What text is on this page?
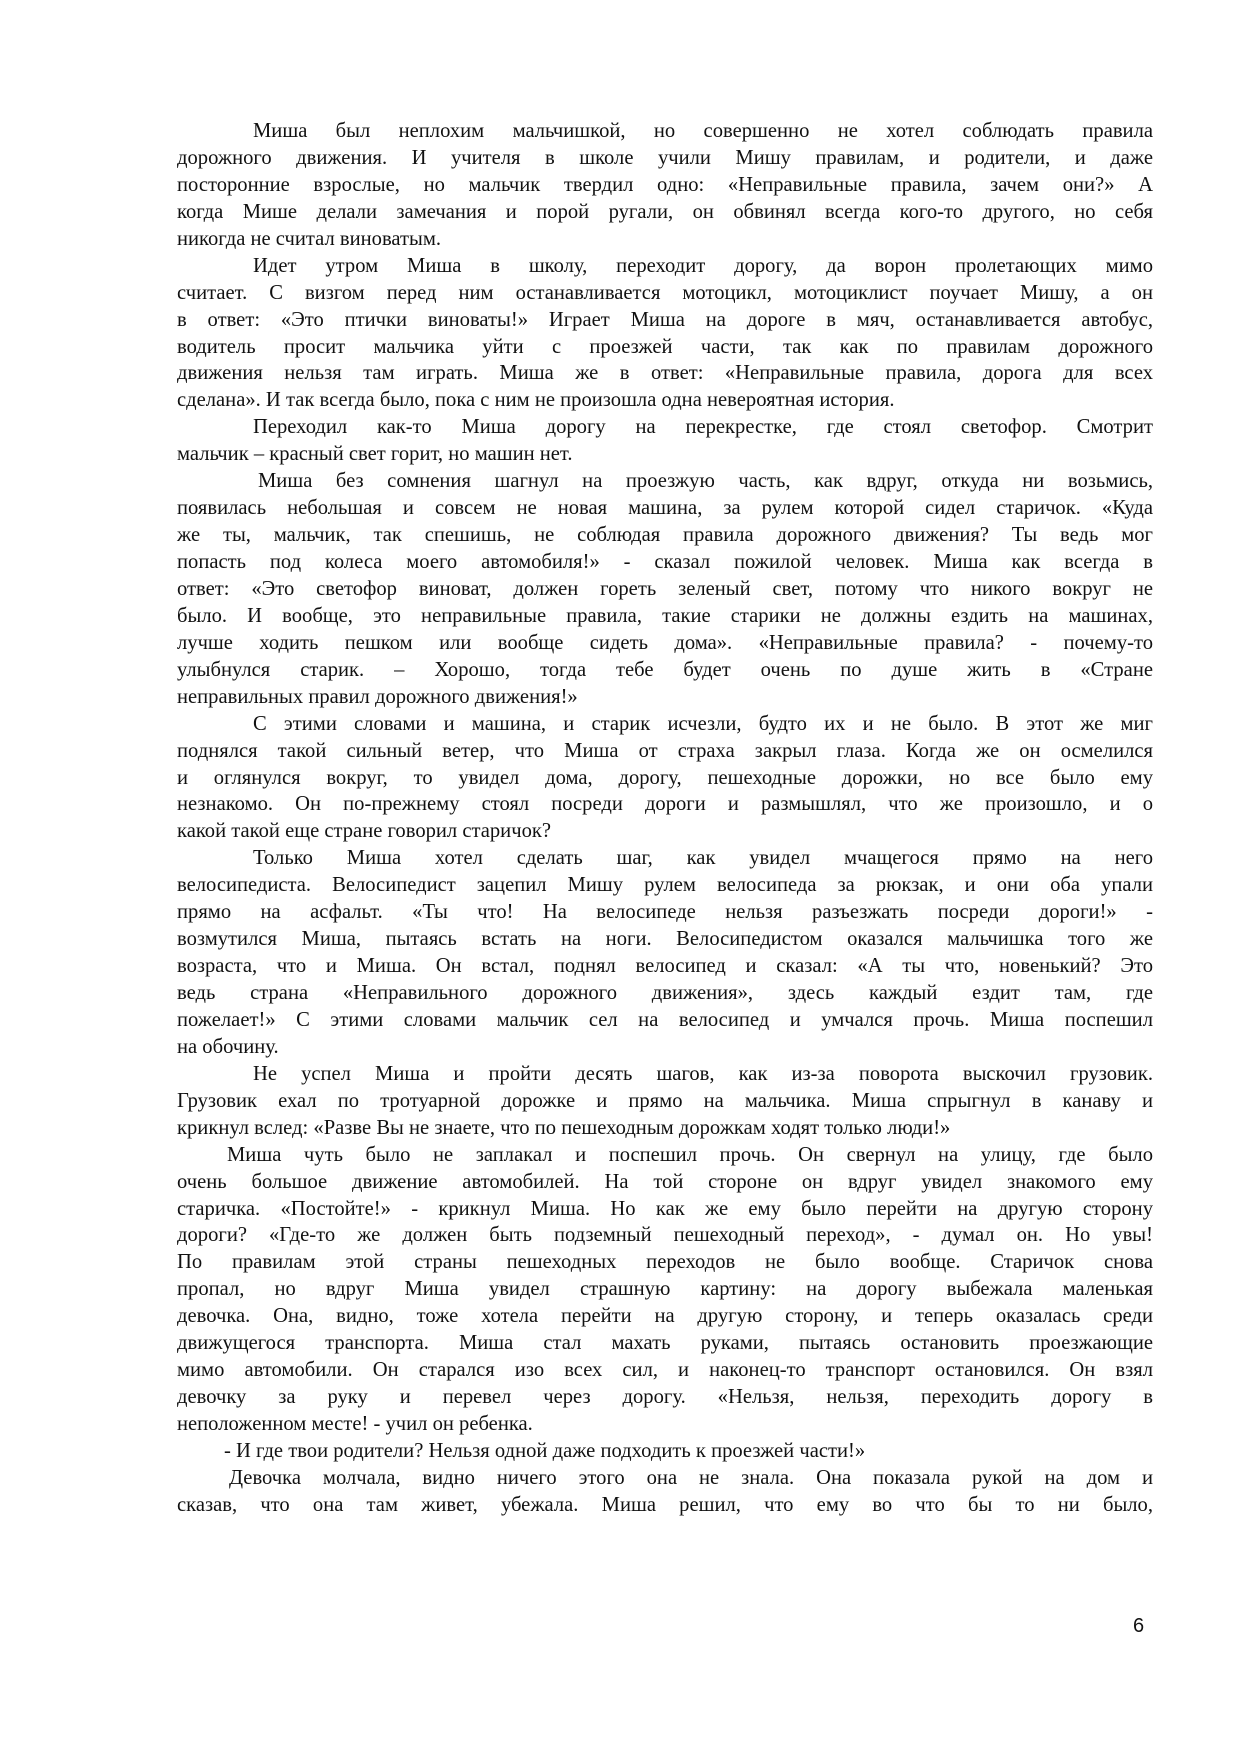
Миша был неплохим мальчишкой, но совершенно не хотел соблюдать правила
дорожного движения. И учителя в школе учили Мишу правилам, и родители, и даже
посторонние взрослые, но мальчик твердил одно: «Неправильные правила, зачем они?» А
когда Мише делали замечания и порой ругали, он обвинял всегда кого-то другого, но себя
никогда не считал виноватым.
Идет утром Миша в школу, переходит дорогу, да ворон пролетающих мимо
считает. С визгом перед ним останавливается мотоцикл, мотоциклист поучает Мишу, а он
в ответ: «Это птички виноваты!» Играет Миша на дороге в мяч, останавливается автобус,
водитель просит мальчика уйти с проезжей части, так как по правилам дорожного
движения нельзя там играть. Миша же в ответ: «Неправильные правила, дорога для всех
сделана». И так всегда было, пока с ним не произошла одна невероятная история.
Переходил как-то Миша дорогу на перекрестке, где стоял светофор. Смотрит
мальчик – красный свет горит, но машин нет.
Миша без сомнения шагнул на проезжую часть, как вдруг, откуда ни возьмись,
появилась небольшая и совсем не новая машина, за рулем которой сидел старичок. «Куда
же ты, мальчик, так спешишь, не соблюдая правила дорожного движения? Ты ведь мог
попасть под колеса моего автомобиля!» - сказал пожилой человек. Миша как всегда в
ответ: «Это светофор виноват, должен гореть зеленый свет, потому что никого вокруг не
было. И вообще, это неправильные правила, такие старики не должны ездить на машинах,
лучше ходить пешком или вообще сидеть дома». «Неправильные правила? - почему-то
улыбнулся старик. – Хорошо, тогда тебе будет очень по душе жить в «Стране
неправильных правил дорожного движения!»
С этими словами и машина, и старик исчезли, будто их и не было. В этот же миг
поднялся такой сильный ветер, что Миша от страха закрыл глаза. Когда же он осмелился
и оглянулся вокруг, то увидел дома, дорогу, пешеходные дорожки, но все было ему
незнакомо. Он по-прежнему стоял посреди дороги и размышлял, что же произошло, и о
какой такой еще стране говорил старичок?
Только Миша хотел сделать шаг, как увидел мчащегося прямо на него
велосипедиста. Велосипедист зацепил Мишу рулем велосипеда за рюкзак, и они оба упали
прямо на асфальт. «Ты что! На велосипеде нельзя разъезжать посреди дороги!» -
возмутился Миша, пытаясь встать на ноги. Велосипедистом оказался мальчишка того же
возраста, что и Миша. Он встал, поднял велосипед и сказал: «А ты что, новенький? Это
ведь страна «Неправильного дорожного движения», здесь каждый ездит там, где
пожелает!» С этими словами мальчик сел на велосипед и умчался прочь. Миша поспешил
на обочину.
Не успел Миша и пройти десять шагов, как из-за поворота выскочил грузовик.
Грузовик ехал по тротуарной дорожке и прямо на мальчика. Миша спрыгнул в канаву и
крикнул вслед: «Разве Вы не знаете, что по пешеходным дорожкам ходят только люди!»
Миша чуть было не заплакал и поспешил прочь. Он свернул на улицу, где было
очень большое движение автомобилей. На той стороне он вдруг увидел знакомого ему
старичка. «Постойте!» - крикнул Миша. Но как же ему было перейти на другую сторону
дороги? «Где-то же должен быть подземный пешеходный переход», - думал он. Но увы!
По правилам этой страны пешеходных переходов не было вообще. Старичок снова
пропал, но вдруг Миша увидел страшную картину: на дорогу выбежала маленькая
девочка. Она, видно, тоже хотела перейти на другую сторону, и теперь оказалась среди
движущегося транспорта. Миша стал махать руками, пытаясь остановить проезжающие
мимо автомобили. Он старался изо всех сил, и наконец-то транспорт остановился. Он взял
девочку за руку и перевел через дорогу. «Нельзя, нельзя, переходить дорогу в
неположенном месте! - учил он ребенка.
- И где твои родители? Нельзя одной даже подходить к проезжей части!»
Девочка молчала, видно ничего этого она не знала. Она показала рукой на дом и
сказав, что она там живет, убежала. Миша решил, что ему во что бы то ни было,
6
